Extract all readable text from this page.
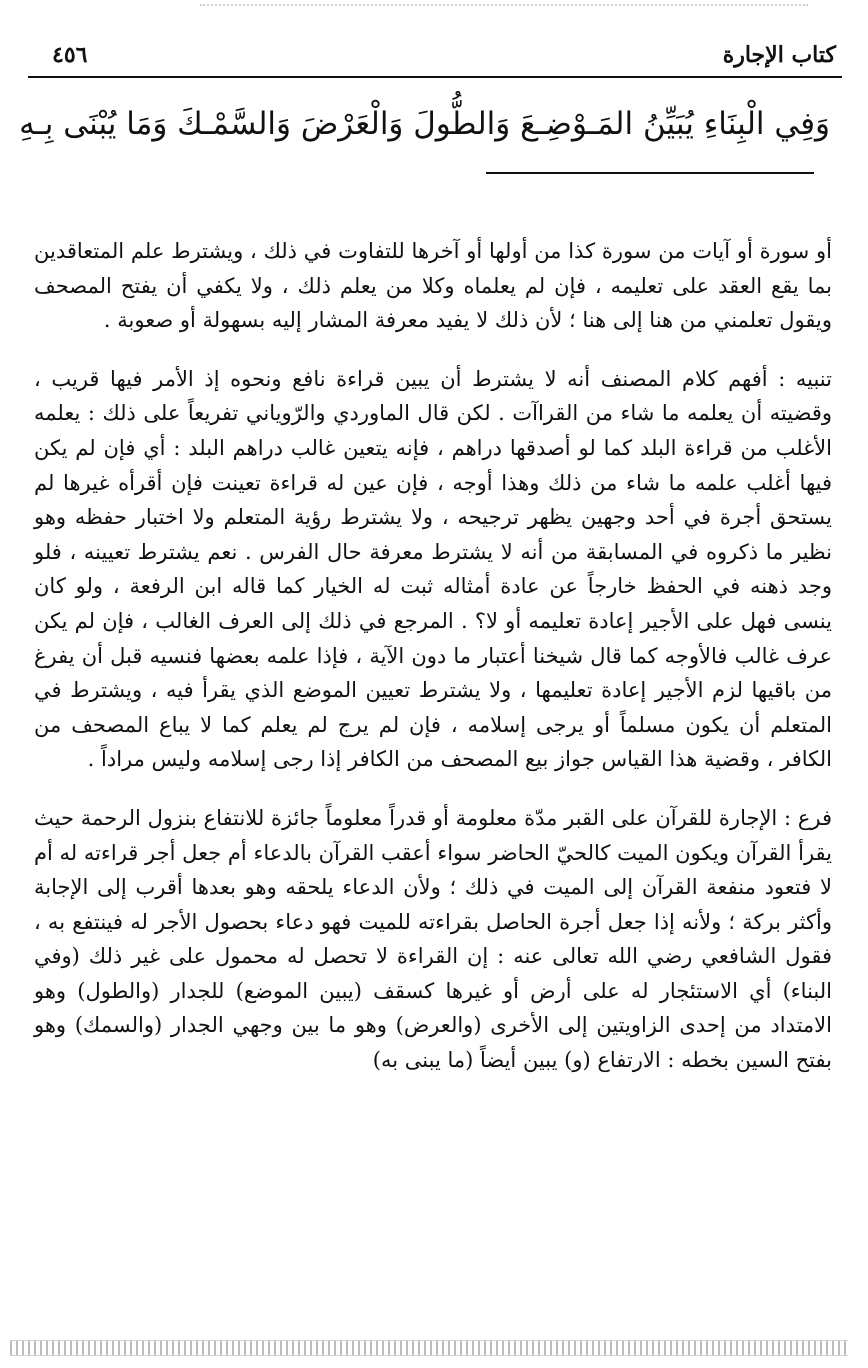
كتاب الإجارة
٤٥٦
وَفِي الْبِنَاءِ يُبَيِّنُ المَـوْضِـعَ وَالطُّولَ وَالْعَرْضَ وَالسَّمْـكَ وَمَا يُبْنَى بِـهِ

أو سورة أو آيات من سورة كذا من أولها أو آخرها للتفاوت في ذلك ، ويشترط علم المتعاقدين بما يقع العقد على تعليمه ، فإن لم يعلماه وكلا من يعلم ذلك ، ولا يكفي أن يفتح المصحف ويقول تعلمني من هنا إلى هنا ؛ لأن ذلك لا يفيد معرفة المشار إليه بسهولة أو صعوبة .

تنبيه : أفهم كلام المصنف أنه لا يشترط أن يبين قراءة نافع ونحوه إذ الأمر فيها قريب ، وقضيته أن يعلمه ما شاء من القراآت . لكن قال الماوردي والرّوياني تفريعاً على ذلك : يعلمه الأغلب من قراءة البلد كما لو أصدقها دراهم ، فإنه يتعين غالب دراهم البلد : أي فإن لم يكن فيها أغلب علمه ما شاء من ذلك وهذا أوجه ، فإن عين له قراءة تعينت فإن أقرأه غيرها لم يستحق أجرة في أحد وجهين يظهر ترجيحه ، ولا يشترط رؤية المتعلم ولا اختبار حفظه وهو نظير ما ذكروه في المسابقة من أنه لا يشترط معرفة حال الفرس . نعم يشترط تعيينه ، فلو وجد ذهنه في الحفظ خارجاً عن عادة أمثاله ثبت له الخيار كما قاله ابن الرفعة ، ولو كان ينسى فهل على الأجير إعادة تعليمه أو لا؟ . المرجع في ذلك إلى العرف الغالب ، فإن لم يكن عرف غالب فالأوجه كما قال شيخنا أعتبار ما دون الآية ، فإذا علمه بعضها فنسيه قبل أن يفرغ من باقيها لزم الأجير إعادة تعليمها ، ولا يشترط تعيين الموضع الذي يقرأ فيه ، ويشترط في المتعلم أن يكون مسلماً أو يرجى إسلامه ، فإن لم يرج لم يعلم كما لا يباع المصحف من الكافر ، وقضية هذا القياس جواز بيع المصحف من الكافر إذا رجى إسلامه وليس مراداً .

فرع : الإجارة للقرآن على القبر مدّة معلومة أو قدراً معلوماً جائزة للانتفاع بنزول الرحمة حيث يقرأ القرآن ويكون الميت كالحيّ الحاضر سواء أعقب القرآن بالدعاء أم جعل أجر قراءته له أم لا فتعود منفعة القرآن إلى الميت في ذلك ؛ ولأن الدعاء يلحقه وهو بعدها أقرب إلى الإجابة وأكثر بركة ؛ ولأنه إذا جعل أجرة الحاصل بقراءته للميت فهو دعاء بحصول الأجر له فينتفع به ، فقول الشافعي رضي الله تعالى عنه : إن القراءة لا تحصل له محمول على غير ذلك (وفي البناء) أي الاستئجار له على أرض أو غيرها كسقف (يبين الموضع) للجدار (والطول) وهو الامتداد من إحدى الزاويتين إلى الأخرى (والعرض) وهو ما بين وجهي الجدار (والسمك) وهو بفتح السين بخطه : الارتفاع (و) يبين أيضاً (ما يبنى به)
